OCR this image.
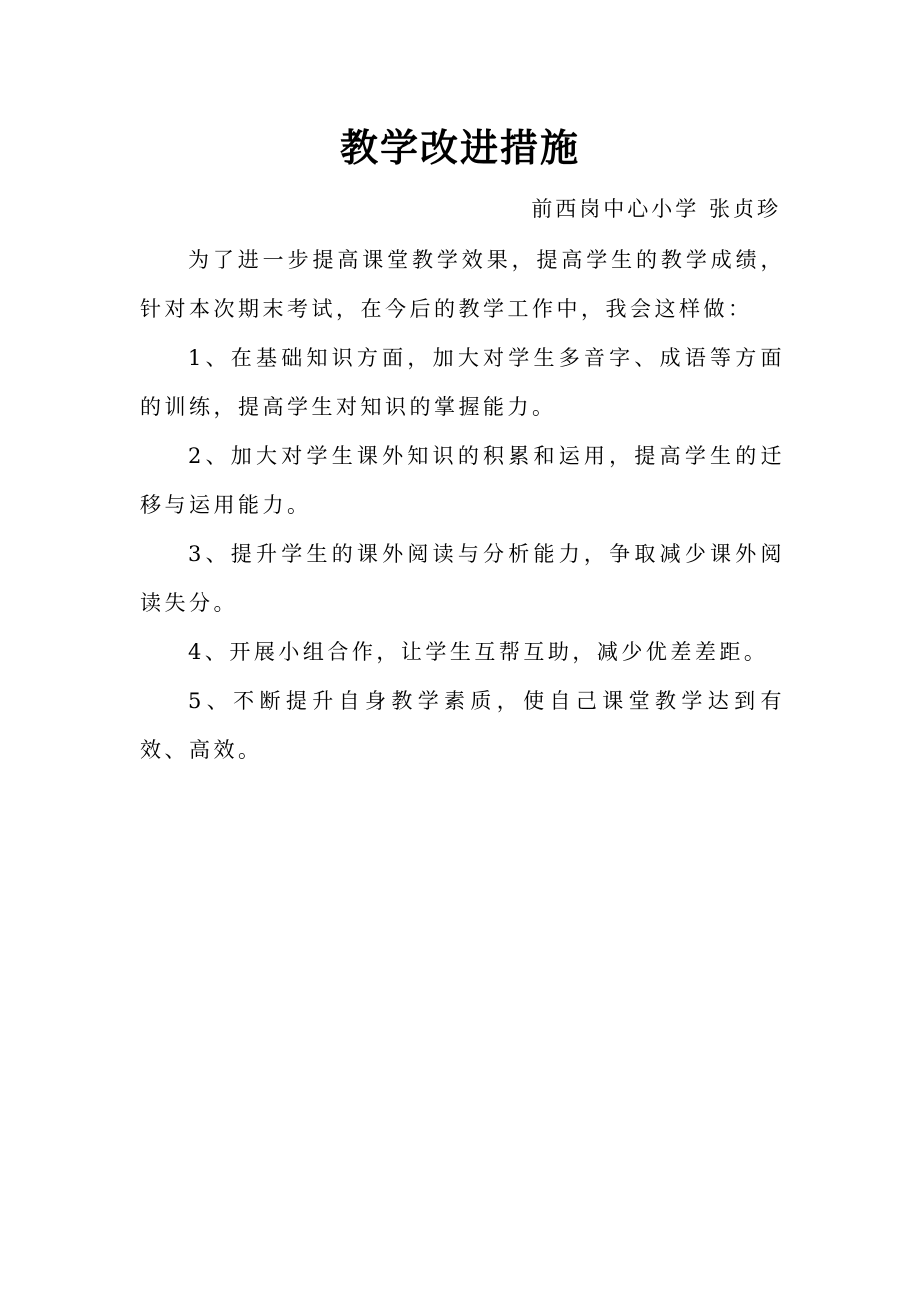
教学改进措施
前西岗中心小学 张贞珍

为了进一步提高课堂教学效果，提高学生的教学成绩，针对本次期末考试，在今后的教学工作中，我会这样做：

1、在基础知识方面，加大对学生多音字、成语等方面的训练，提高学生对知识的掌握能力。

2、加大对学生课外知识的积累和运用，提高学生的迁移与运用能力。

3、提升学生的课外阅读与分析能力，争取减少课外阅读失分。

4、开展小组合作，让学生互帮互助，减少优差差距。

5、不断提升自身教学素质，使自己课堂教学达到有效、高效。
